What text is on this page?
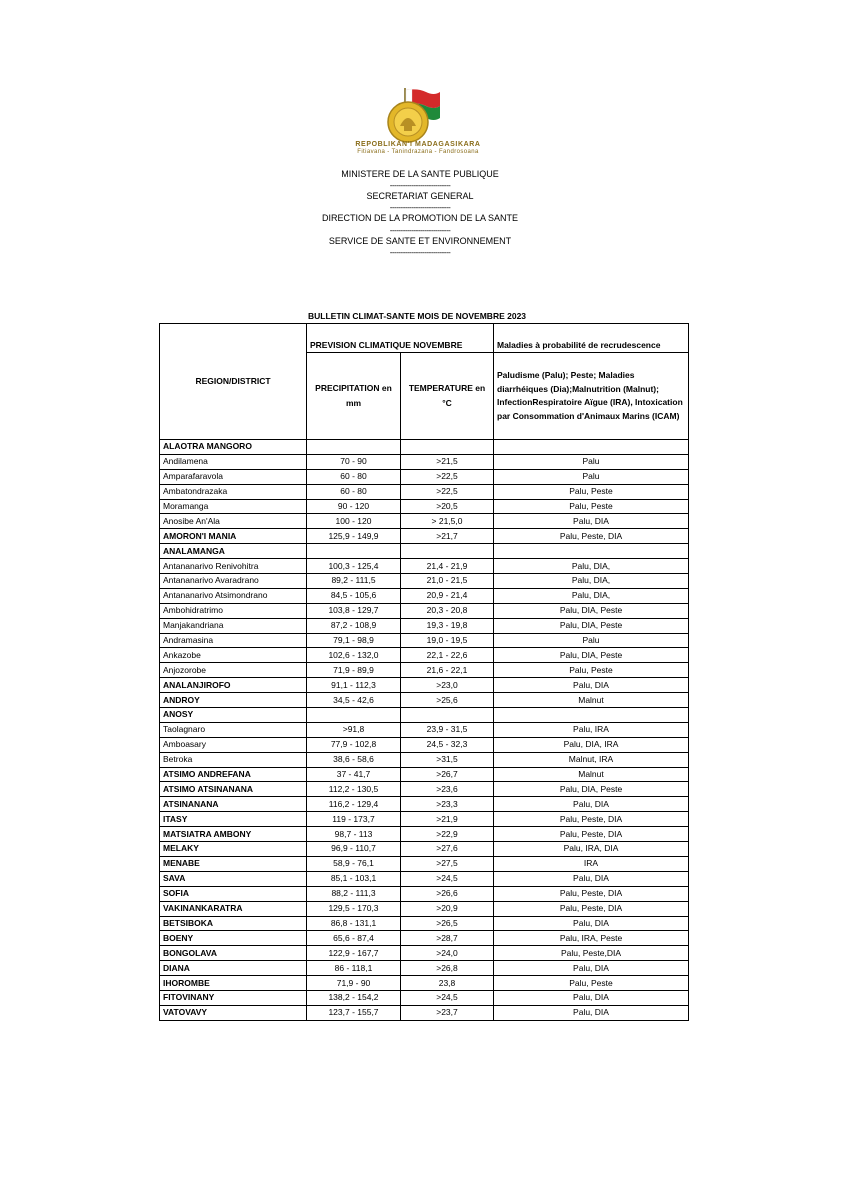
REPOBLIKAN'I MADAGASIKARA
Fitiavana - Tanindrazana - Fandrosoana
MINISTERE DE LA SANTE PUBLIQUE
----------------------------
SECRETARIAT GENERAL
----------------------------
DIRECTION DE LA PROMOTION DE LA SANTE
----------------------------
SERVICE DE SANTE ET ENVIRONNEMENT
----------------------------
BULLETIN CLIMAT-SANTE MOIS DE NOVEMBRE 2023
REGION/DISTRICT			
	PREVISION CLIMATIQUE NOVEMBRE		Maladies à probabilité de recrudescence
	PRECIPITATION en mm	TEMPERATURE en °C	Paludisme (Palu); Peste; Maladies diarrhéiques (Dia);Malnutrition (Malnut); InfectionRespiratoire Aïgue (IRA), Intoxication par Consommation d'Animaux Marins (ICAM)
ALAOTRA MANGORO			
Andilamena	70 - 90	>21,5	Palu
Amparafaravola	60 - 80	>22,5	Palu
Ambatondrazaka	60 - 80	>22,5	Palu, Peste
Moramanga	90 - 120	>20,5	Palu, Peste
Anosibe An'Ala	100 - 120	> 21,5,0	Palu, DIA
AMORON'I MANIA	125,9 - 149,9	>21,7	Palu, Peste, DIA
ANALAMANGA			
Antananarivo Renivohitra	100,3 - 125,4	21,4 - 21,9	Palu, DIA,
Antananarivo Avaradrano	89,2 - 111,5	21,0 - 21,5	Palu, DIA,
Antananarivo Atsimondrano	84,5 - 105,6	20,9 - 21,4	Palu, DIA,
Ambohidratrimo	103,8 - 129,7	20,3 - 20,8	Palu, DIA, Peste
Manjakandriana	87,2 - 108,9	19,3 - 19,8	Palu, DIA, Peste
Andramasina	79,1 - 98,9	19,0 - 19,5	Palu
Ankazobe	102,6 - 132,0	22,1 - 22,6	Palu, DIA, Peste
Anjozorobe	71,9 - 89,9	21,6 - 22,1	Palu, Peste
ANALANJIROFO	91,1 - 112,3	>23,0	Palu, DIA
ANDROY	34,5 - 42,6	>25,6	Malnut
ANOSY			
Taolagnaro	>91,8	23,9 - 31,5	Palu, IRA
Amboasary	77,9 - 102,8	24,5 - 32,3	Palu, DIA, IRA
Betroka	38,6 - 58,6	>31,5	Malnut, IRA
ATSIMO ANDREFANA	37 - 41,7	>26,7	Malnut
ATSIMO ATSINANANA	112,2 - 130,5	>23,6	Palu, DIA, Peste
ATSINANANA	116,2 - 129,4	>23,3	Palu, DIA
ITASY	119 - 173,7	>21,9	Palu, Peste, DIA
MATSIATRA AMBONY	98,7 - 113	>22,9	Palu, Peste, DIA
MELAKY	96,9 - 110,7	>27,6	Palu, IRA, DIA
MENABE	58,9 - 76,1	>27,5	IRA
SAVA	85,1 - 103,1	>24,5	Palu, DIA
SOFIA	88,2 - 111,3	>26,6	Palu, Peste, DIA
VAKINANKARATRA	129,5 - 170,3	>20,9	Palu, Peste, DIA
BETSIBOKA	86,8 - 131,1	>26,5	Palu, DIA
BOENY	65,6 - 87,4	>28,7	Palu, IRA, Peste
BONGOLAVA	122,9 - 167,7	>24,0	Palu, Peste,DIA
DIANA	86 - 118,1	>26,8	Palu, DIA
IHOROMBE	71,9 - 90	23,8	Palu, Peste
FITOVINANY	138,2 - 154,2	>24,5	Palu, DIA
VATOVAVY	123,7 - 155,7	>23,7	Palu, DIA
